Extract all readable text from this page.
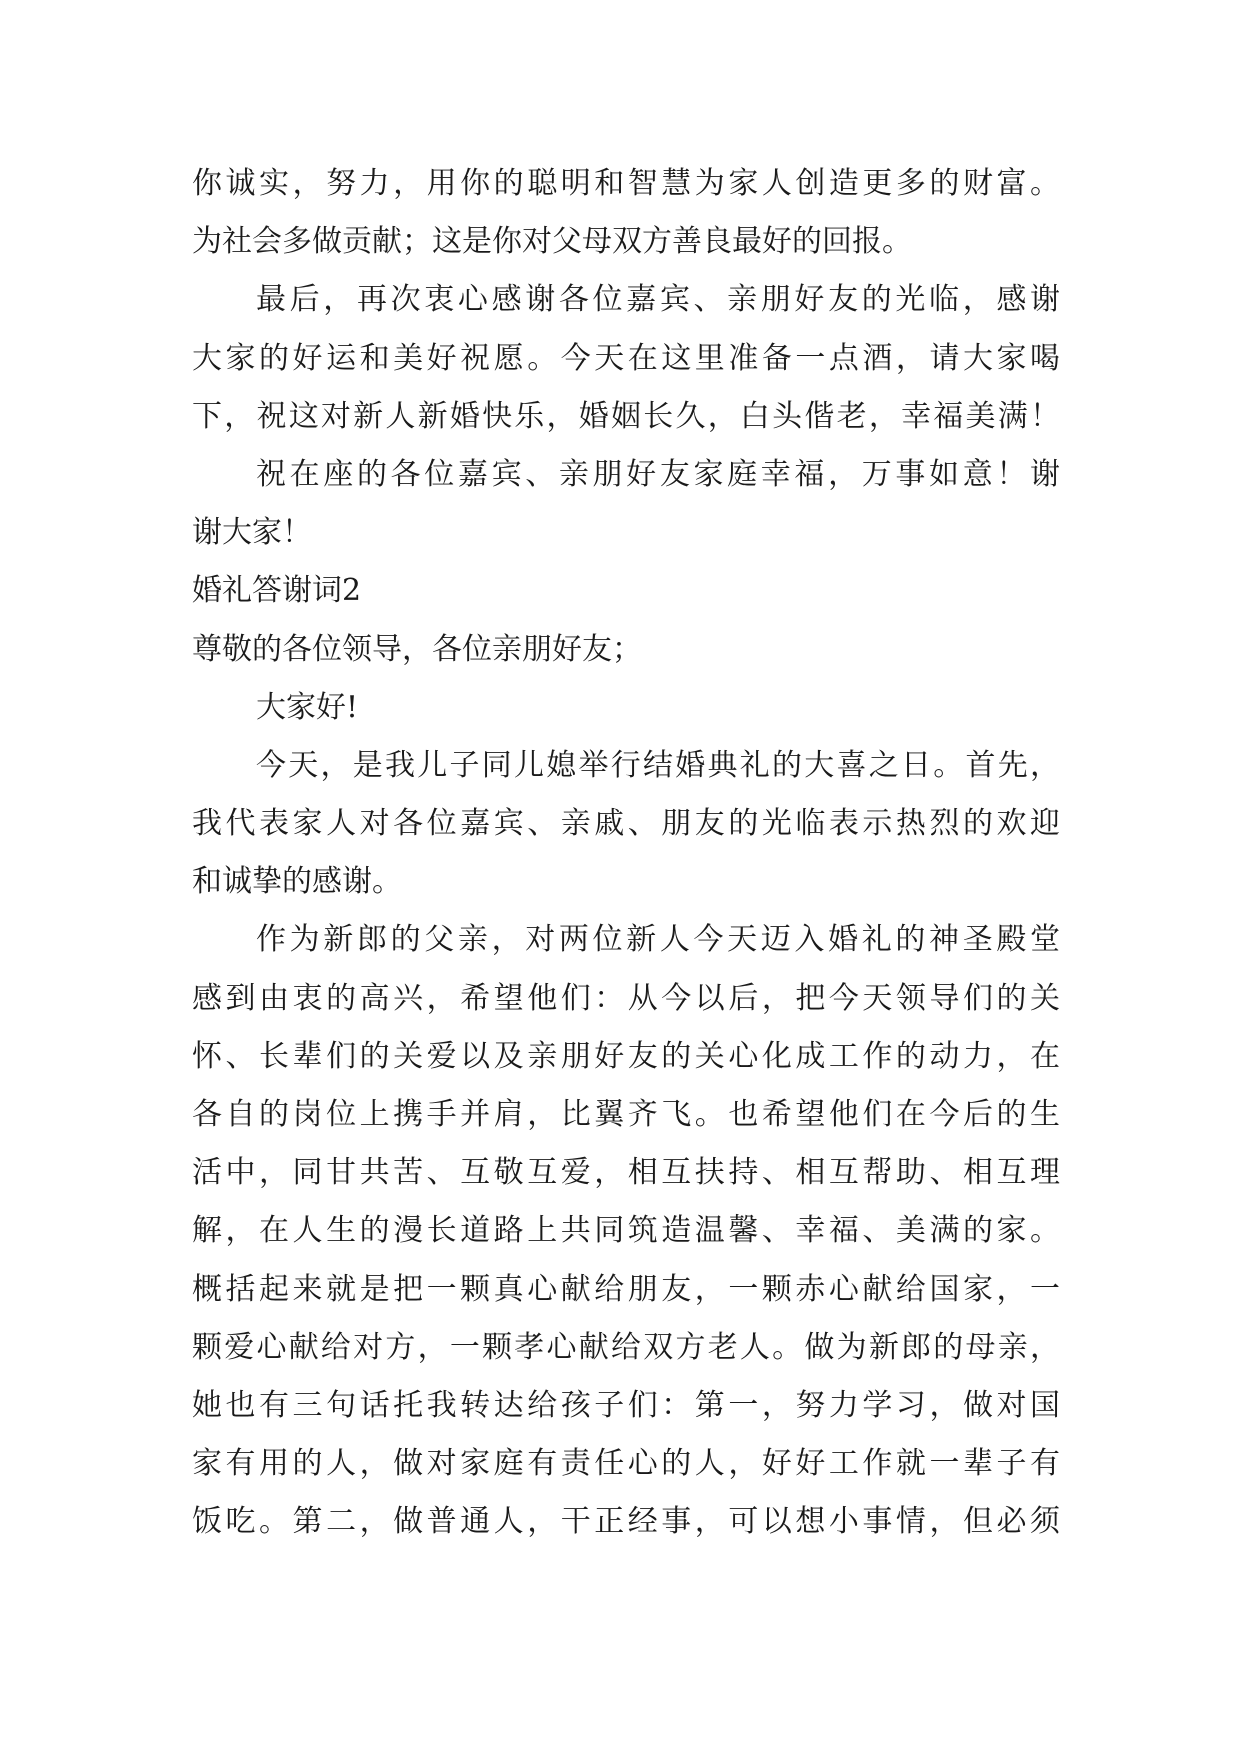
你诚实，努力，用你的聪明和智慧为家人创造更多的财富。
为社会多做贡献；这是你对父母双方善良最好的回报。
最后，再次衷心感谢各位嘉宾、亲朋好友的光临，感谢
大家的好运和美好祝愿。今天在这里准备一点酒，请大家喝
下，祝这对新人新婚快乐，婚姻长久，白头偕老，幸福美满！
祝在座的各位嘉宾、亲朋好友家庭幸福，万事如意！谢
谢大家！
婚礼答谢词2
尊敬的各位领导，各位亲朋好友；
大家好!
今天，是我儿子同儿媳举行结婚典礼的大喜之日。首先，
我代表家人对各位嘉宾、亲戚、朋友的光临表示热烈的欢迎
和诚挚的感谢。
作为新郎的父亲，对两位新人今天迈入婚礼的神圣殿堂
感到由衷的高兴，希望他们：从今以后，把今天领导们的关
怀、长辈们的关爱以及亲朋好友的关心化成工作的动力，在
各自的岗位上携手并肩，比翼齐飞。也希望他们在今后的生
活中，同甘共苦、互敬互爱，相互扶持、相互帮助、相互理
解，在人生的漫长道路上共同筑造温馨、幸福、美满的家。
概括起来就是把一颗真心献给朋友，一颗赤心献给国家，一
颗爱心献给对方，一颗孝心献给双方老人。做为新郎的母亲，
她也有三句话托我转达给孩子们：第一，努力学习，做对国
家有用的人，做对家庭有责任心的人，好好工作就一辈子有
饭吃。第二，做普通人，干正经事，可以想小事情，但必须
